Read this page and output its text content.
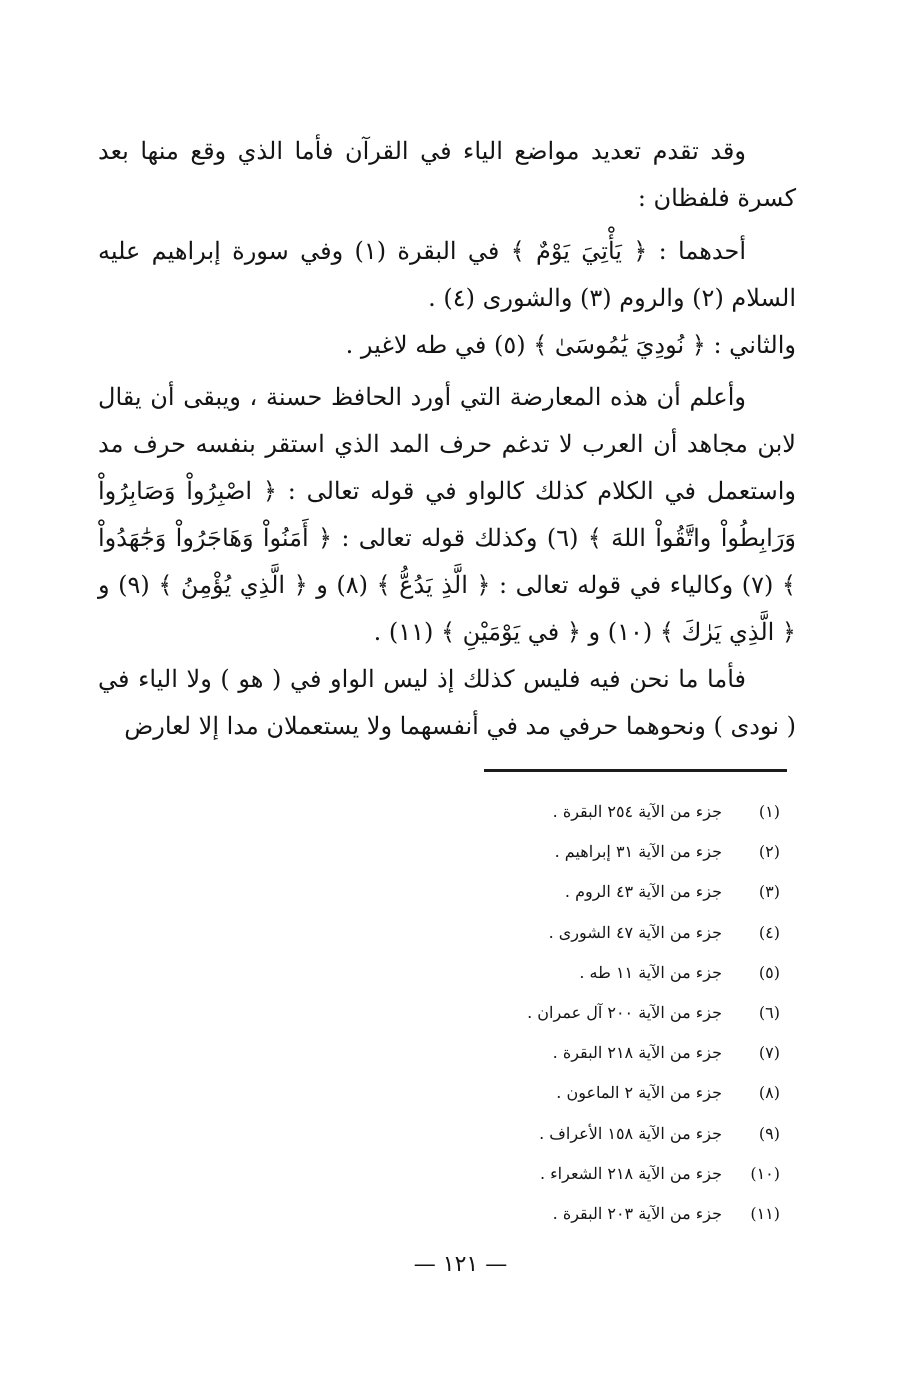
وقد تقدم تعديد مواضع الياء في القرآن فأما الذي وقع منها بعد كسرة فلفظان :

أحدهما : ﴿ يَأْتِيَ يَوْمٌ ﴾ في البقرة (١) وفي سورة إبراهيم عليه السلام (٢) والروم (٣) والشورى (٤) .

والثاني : ﴿ نُودِيَ يَٰمُوسَىٰ ﴾ (٥) في طه لاغير .

وأعلم أن هذه المعارضة التي أورد الحافظ حسنة ، ويبقى أن يقال لابن مجاهد أن العرب لا تدغم حرف المد الذي استقر بنفسه حرف مد واستعمل في الكلام كذلك كالواو في قوله تعالى : ﴿ اصْبِرُواْ وَصَابِرُواْ وَرَابِطُواْ واتَّقُواْ اللهَ ﴾ (٦) وكذلك قوله تعالى : ﴿ أَمَنُواْ وَهَاجَرُواْ وَجَٰهَدُواْ ﴾ (٧) وكالياء في قوله تعالى : ﴿ الَّذِ يَدُعُّ ﴾ (٨) و ﴿ الَّذِي يُؤْمِنُ ﴾ (٩) و ﴿ الَّذِي يَرٰكَ ﴾ (١٠) و ﴿ في يَوْمَيْنِ ﴾ (١١) .

فأما ما نحن فيه فليس كذلك إذ ليس الواو في ( هو ) ولا الياء في ( نودى ) ونحوهما حرفي مد في أنفسهما ولا يستعملان مدا إلا لعارض

(١)جزء من الآية ٢٥٤ البقرة .
(٢)جزء من الآية ٣١ إبراهيم .
(٣)جزء من الآية ٤٣ الروم .
(٤)جزء من الآية ٤٧ الشورى .
(٥)جزء من الآية ١١ طه .
(٦)جزء من الآية ٢٠٠ آل عمران .
(٧)جزء من الآية ٢١٨ البقرة .
(٨)جزء من الآية ٢ الماعون .
(٩)جزء من الآية ١٥٨ الأعراف .
(١٠)جزء من الآية ٢١٨ الشعراء .
(١١)جزء من الآية ٢٠٣ البقرة .
— ١٢١ —
